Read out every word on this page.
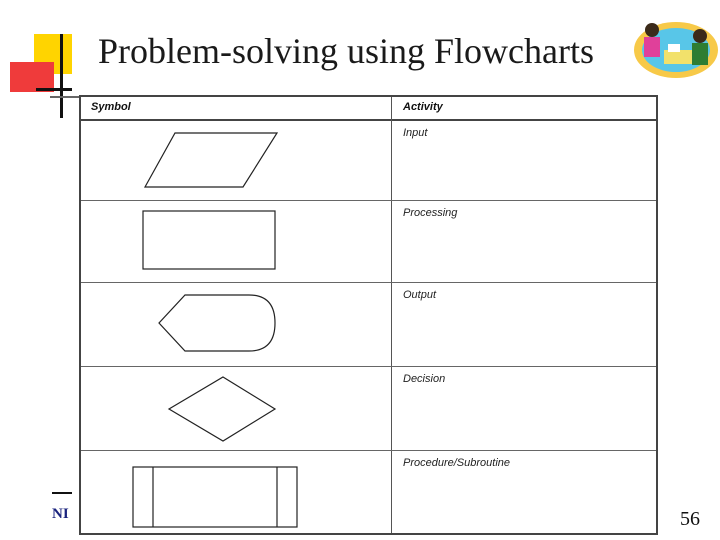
Problem-solving using Flowcharts
Symbol	Activity
Input
Processing
Output
Decision
Procedure/Subroutine
NI	56
